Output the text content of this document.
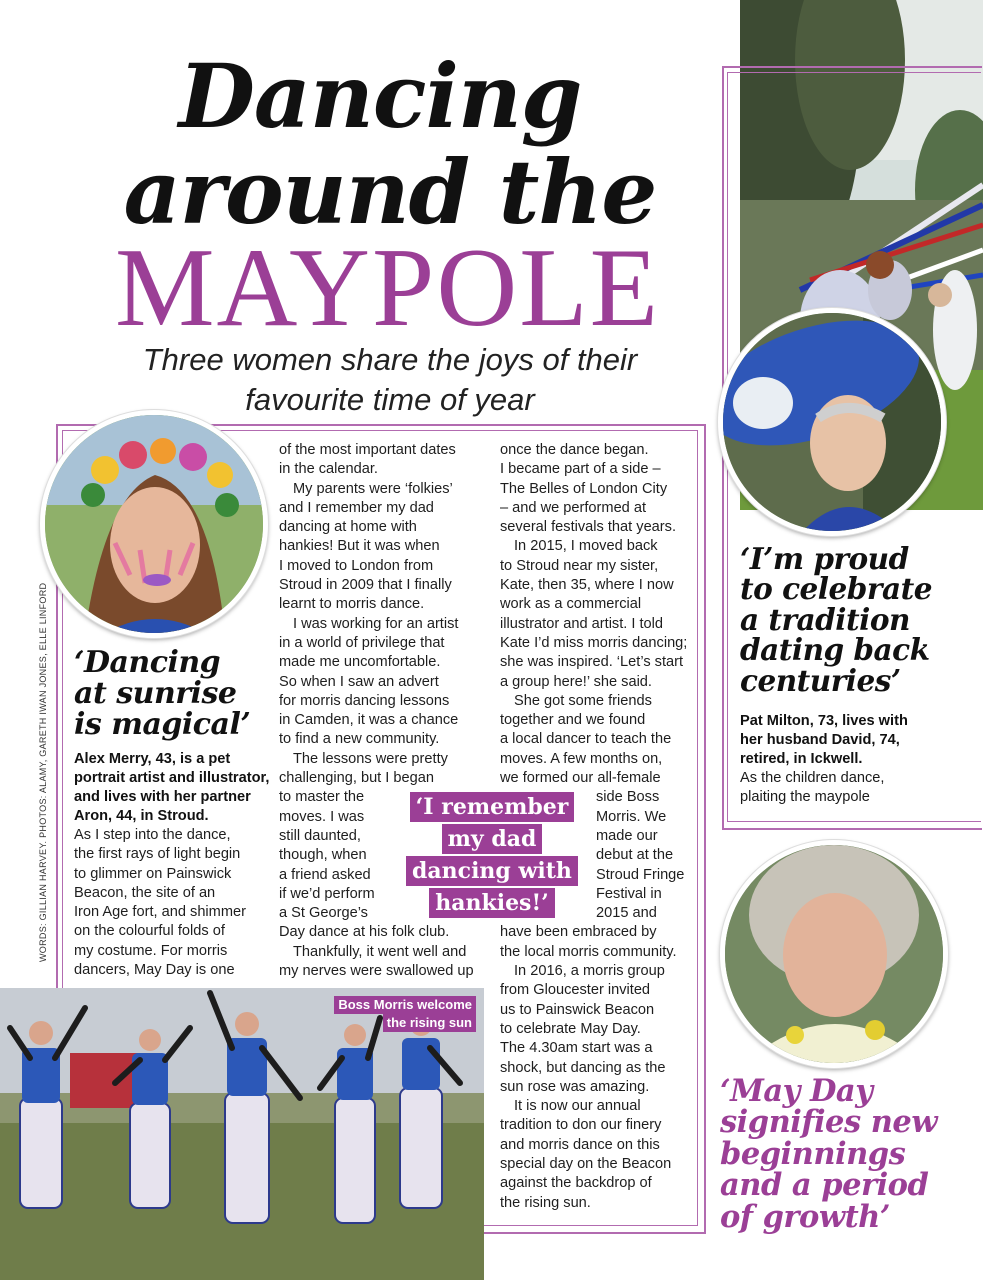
Dancing
around the
MAYPOLE
Three women share the joys of their
favourite time of year
‘I’m proud
to celebrate
a tradition
dating back
centuries’
Pat Milton, 73, lives with
her husband David, 74,
retired, in Ickwell.
As the children dance,
plaiting the maypole
‘May Day
signifies new
beginnings
and a period
of growth’
WORDS: GILLIAN HARVEY. PHOTOS: ALAMY, GARETH IWAN JONES, ELLE LINFORD ‘Dancing
at sunrise
is magical’
Alex Merry, 43, is a pet portrait artist and illustrator, and lives with her partner Aron, 44, in Stroud.
As I step into the dance,
the first rays of light begin
to glimmer on Painswick
Beacon, the site of an
Iron Age fort, and shimmer
on the colourful folds of
my costume. For morris
dancers, May Day is one
of the most important dates
in the calendar.
My parents were ‘folkies’
and I remember my dad
dancing at home with
hankies! But it was when
I moved to London from
Stroud in 2009 that I finally
learnt to morris dance.
I was working for an artist
in a world of privilege that
made me uncomfortable.
So when I saw an advert
for morris dancing lessons
in Camden, it was a chance
to find a new community.
The lessons were pretty
challenging, but I began
to master the
moves. I was
still daunted,
though, when
a friend asked
if we’d perform
a St George’s
Day dance at his folk club.
Thankfully, it went well and
my nerves were swallowed up
once the dance began.
I became part of a side –
The Belles of London City
– and we performed at
several festivals that years.
In 2015, I moved back
to Stroud near my sister,
Kate, then 35, where I now
work as a commercial
illustrator and artist. I told
Kate I’d miss morris dancing;
she was inspired. ‘Let’s start
a group here!’ she said.
She got some friends
together and we found
a local dancer to teach the
moves. A few months on,
we formed our all-female
side Boss
Morris. We
made our
debut at the
Stroud Fringe
Festival in
2015 and
have been embraced by
the local morris community.
In 2016, a morris group
from Gloucester invited
us to Painswick Beacon
to celebrate May Day.
The 4.30am start was a
shock, but dancing as the
sun rose was amazing.
It is now our annual
tradition to don our finery
and morris dance on this
special day on the Beacon
against the backdrop of
the rising sun.
‘I remember
my dad
dancing with
hankies!’
Boss Morris welcome
the rising sun
